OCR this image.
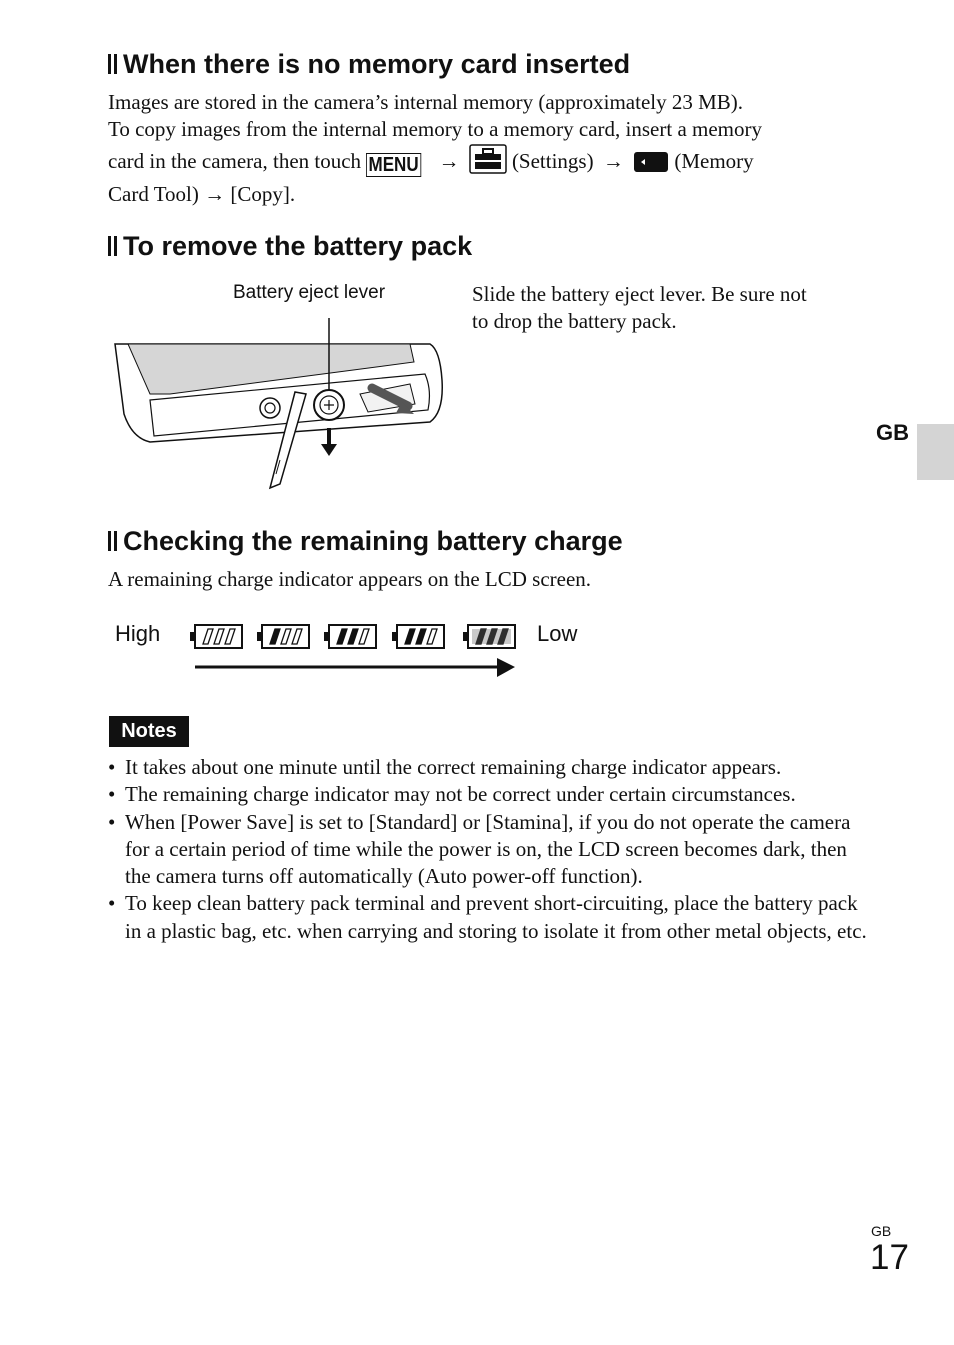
When there is no memory card inserted
Images are stored in the camera’s internal memory (approximately 23 MB).
To copy images from the internal memory to a memory card, insert a memory
card in the camera, then touch MENU →	(Settings) → (Memory
Card Tool) → [Copy].
To remove the battery pack
Battery eject lever	Slide the battery eject lever. Be sure not
to drop the battery pack.
GB
Checking the remaining battery charge
A remaining charge indicator appears on the LCD screen.
High	Low
Notes
• It takes about one minute until the correct remaining charge indicator appears.
• The remaining charge indicator may not be correct under certain circumstances.
• When [Power Save] is set to [Standard] or [Stamina], if you do not operate the camera for a certain period of time while the power is on, the LCD screen becomes dark, then the camera turns off automatically (Auto power-off function).
• To keep clean battery pack terminal and prevent short-circuiting, place the battery pack in a plastic bag, etc. when carrying and storing to isolate it from other metal objects, etc.
GB
17
